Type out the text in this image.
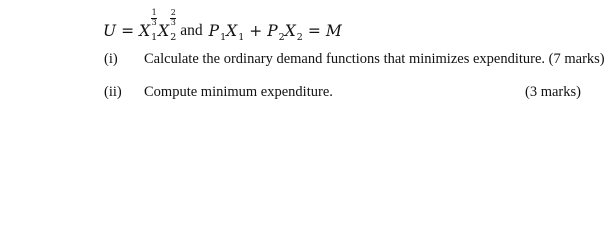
$U = X_1$
$\frac{1}{3}$
$X_2$
$\frac{2}{3}$
and $P_1$ $X_1 + P_2$ $X_2 = M$
(i) Calculate the ordinary demand functions that minimizes expenditure. (7 marks)
(ii) Compute minimum expenditure.	(3 marks)
